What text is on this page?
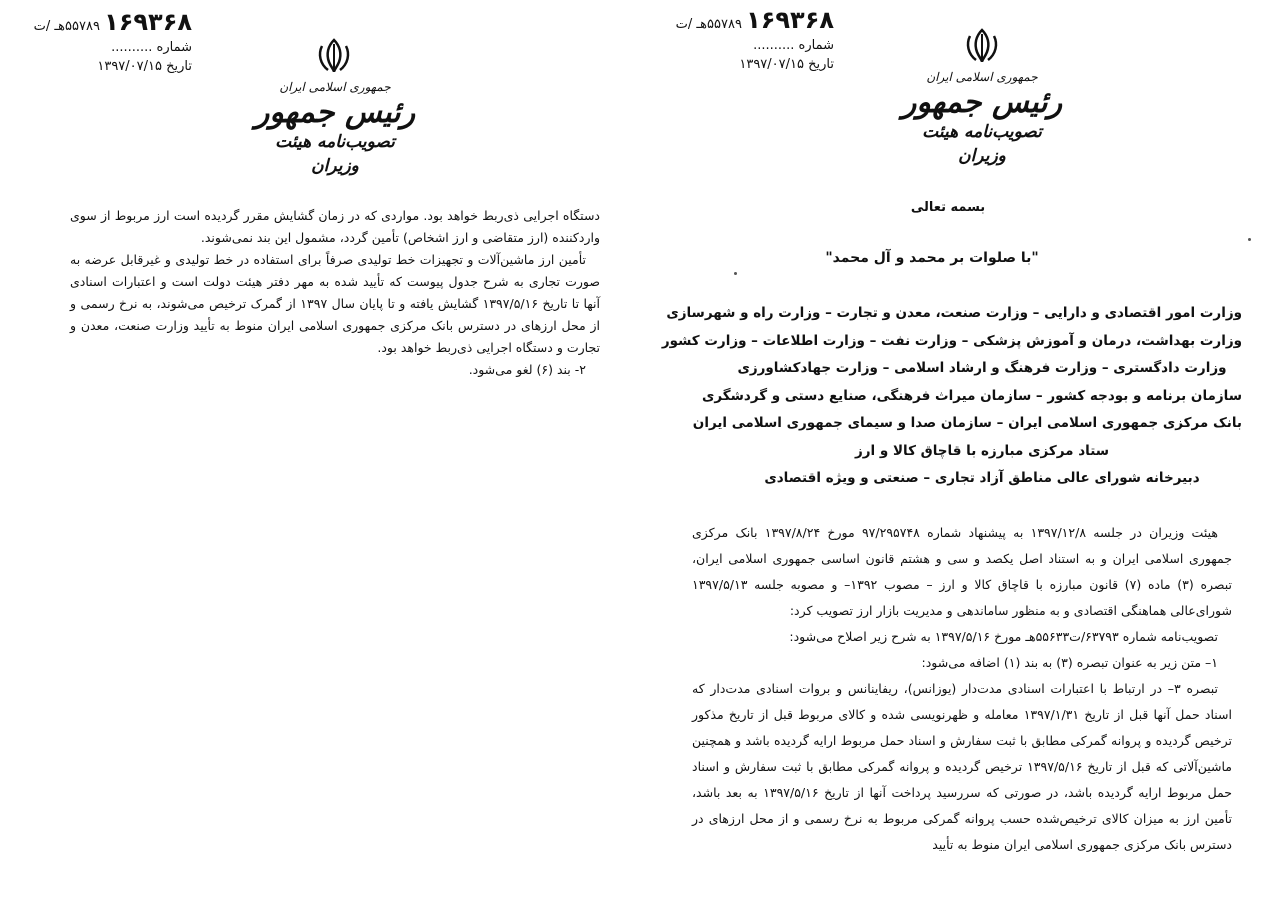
۱۶۹۳۶۸ ۵۵۷۸۹هـ /ت
شماره ..........
تاریخ ۱۳۹۷/۰۷/۱۵
جمهوری اسلامی ایران
رئیس جمهور
تصویب‌نامه هیئت وزیران

دستگاه اجرایی ذی‌ربط خواهد بود. مواردی که در زمان گشایش مقرر گردیده است ارز مربوط از سوی واردکننده (ارز متقاضی و ارز اشخاص) تأمین گردد، مشمول این بند نمی‌شوند.

تأمین ارز ماشین‌آلات و تجهیزات خط تولیدی صرفاً برای استفاده در خط تولیدی و غیرقابل عرضه به صورت تجاری به شرح جدول پیوست که تأیید شده به مهر دفتر هیئت دولت است و اعتبارات اسنادی آنها تا تاریخ ۱۳۹۷/۵/۱۶ گشایش یافته و تا پایان سال ۱۳۹۷ از گمرک ترخیص می‌شوند، به نرخ رسمی و از محل ارزهای در دسترس بانک مرکزی جمهوری اسلامی ایران منوط به تأیید وزارت صنعت، معدن و تجارت و دستگاه اجرایی ذی‌ربط خواهد بود.

۲- بند (۶) لغو می‌شود.

۱۶۹۳۶۸ ۵۵۷۸۹هـ /ت
شماره ..........
تاریخ ۱۳۹۷/۰۷/۱۵
جمهوری اسلامی ایران
رئیس جمهور
تصویب‌نامه هیئت وزیران
بسمه تعالی
"با صلوات بر محمد و آل محمد"
وزارت امور اقتصادی و دارایی – وزارت صنعت، معدن و تجارت – وزارت راه و شهرسازی
وزارت بهداشت، درمان و آموزش پزشکی – وزارت نفت – وزارت اطلاعات – وزارت کشور
وزارت دادگستری – وزارت فرهنگ و ارشاد اسلامی – وزارت جهادکشاورزی
سازمان برنامه و بودجه کشور – سازمان میراث فرهنگی، صنایع دستی و گردشگری
بانک مرکزی جمهوری اسلامی ایران – سازمان صدا و سیمای جمهوری اسلامی ایران
ستاد مرکزی مبارزه با قاچاق کالا و ارز
دبیرخانه شورای عالی مناطق آزاد تجاری – صنعتی و ویژه اقتصادی

هیئت وزیران در جلسه ۱۳۹۷/۱۲/۸ به پیشنهاد شماره ۹۷/۲۹۵۷۴۸ مورخ ۱۳۹۷/۸/۲۴ بانک مرکزی جمهوری اسلامی ایران و به استناد اصل یکصد و سی و هشتم قانون اساسی جمهوری اسلامی ایران، تبصره (۳) ماده (۷) قانون مبارزه با قاچاق کالا و ارز – مصوب ۱۳۹۲– و مصوبه جلسه ۱۳۹۷/۵/۱۳ شورای‌عالی هماهنگی اقتصادی و به منظور ساماندهی و مدیریت بازار ارز تصویب کرد:

تصویب‌نامه شماره ۶۳۷۹۳/ت۵۵۶۳۳هـ مورخ ۱۳۹۷/۵/۱۶ به شرح زیر اصلاح می‌شود:

۱– متن زیر به عنوان تبصره (۳) به بند (۱) اضافه می‌شود:

تبصره ۳– در ارتباط با اعتبارات اسنادی مدت‌دار (یوزانس)، ریفاینانس و بروات اسنادی مدت‌دار که اسناد حمل آنها قبل از تاریخ ۱۳۹۷/۱/۳۱ معامله و ظهرنویسی شده و کالای مربوط قبل از تاریخ مذکور ترخیص گردیده و پروانه گمرکی مطابق با ثبت سفارش و اسناد حمل مربوط ارایه گردیده باشد و همچنین ماشین‌آلاتی که قبل از تاریخ ۱۳۹۷/۵/۱۶ ترخیص گردیده و پروانه گمرکی مطابق با ثبت سفارش و اسناد حمل مربوط ارایه گردیده باشد، در صورتی که سررسید پرداخت آنها از تاریخ ۱۳۹۷/۵/۱۶ به بعد باشد، تأمین ارز به میزان کالای ترخیص‌شده حسب پروانه گمرکی مربوط به نرخ رسمی و از محل ارزهای در دسترس بانک مرکزی جمهوری اسلامی ایران منوط به تأیید
